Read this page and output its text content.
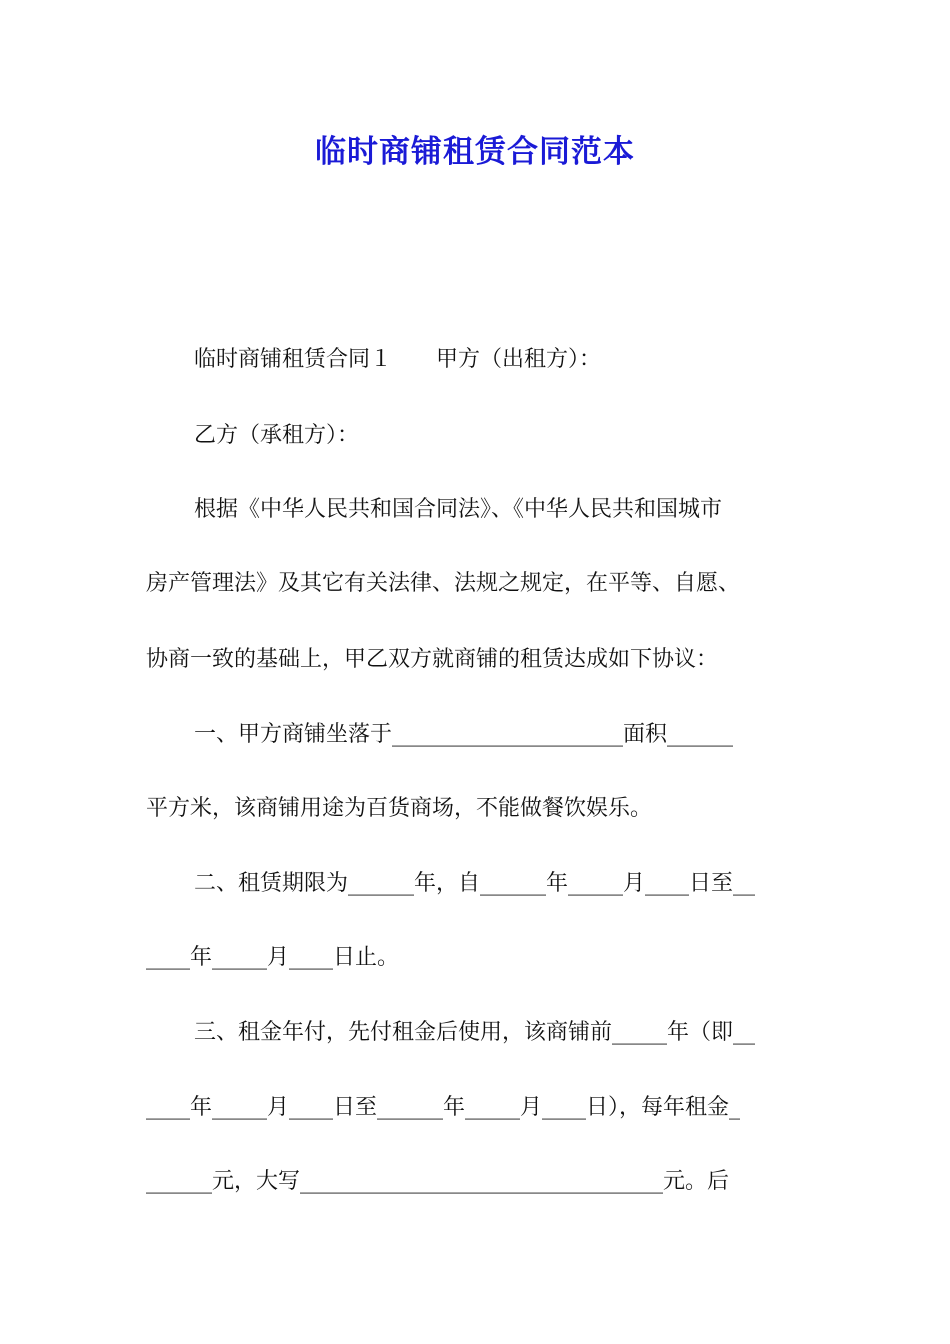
临时商铺租赁合同范本
临时商铺租赁合同１　　甲方（出租方）：
乙方（承租方）：
根据《中华人民共和国合同法》、《中华人民共和国城市
房产管理法》及其它有关法律、法规之规定，在平等、自愿、
协商一致的基础上，甲乙双方就商铺的租赁达成如下协议：
一、甲方商铺坐落于_____________________面积______
平方米，该商铺用途为百货商场，不能做餐饮娱乐。
二、租赁期限为______年，自______年_____月____日至__
____年_____月____日止。
三、租金年付，先付租金后使用，该商铺前_____年（即__
____年_____月____日至______年_____月____日），每年租金_
______元，大写_________________________________元。后
